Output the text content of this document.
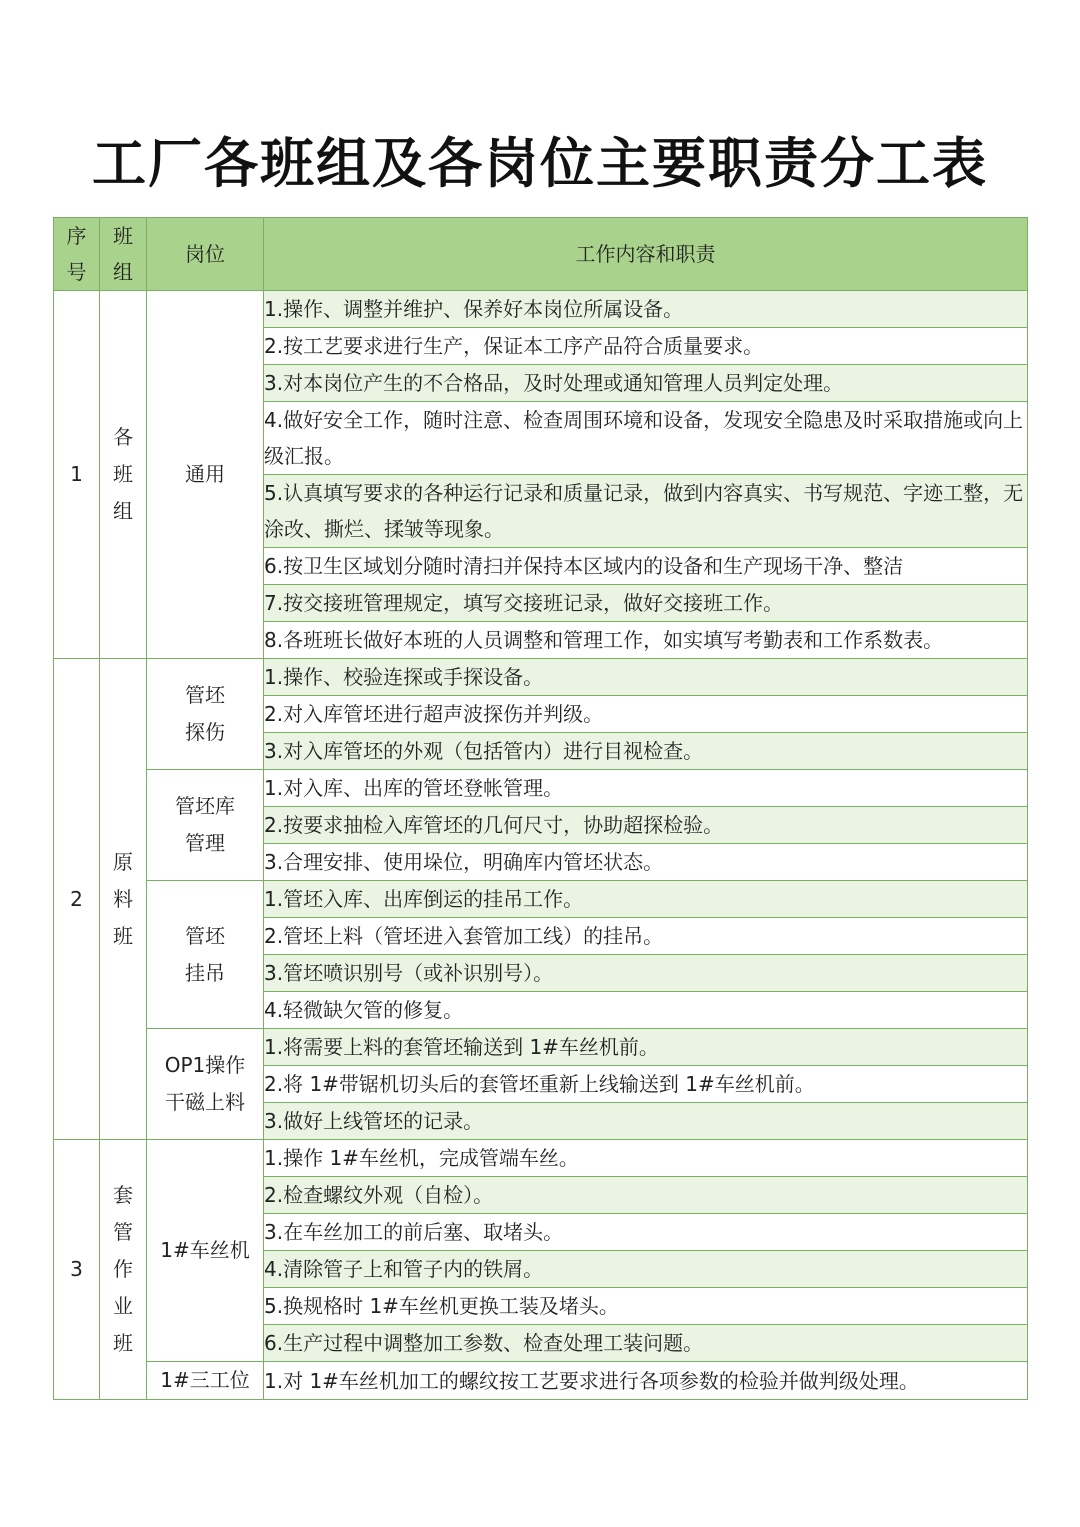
工厂各班组及各岗位主要职责分工表
序号	班组	岗位	工作内容和职责
1	各班组	通用	1.操作、调整并维护、保养好本岗位所属设备。
			2.按工艺要求进行生产，保证本工序产品符合质量要求。
			3.对本岗位产生的不合格品，及时处理或通知管理人员判定处理。
			4.做好安全工作，随时注意、检查周围环境和设备，发现安全隐患及时采取措施或向上级汇报。
			5.认真填写要求的各种运行记录和质量记录，做到内容真实、书写规范、字迹工整，无涂改、撕烂、揉皱等现象。
			6.按卫生区域划分随时清扫并保持本区域内的设备和生产现场干净、整洁
			7.按交接班管理规定，填写交接班记录，做好交接班工作。
			8.各班班长做好本班的人员调整和管理工作，如实填写考勤表和工作系数表。
2	原料班	管坯探伤	1.操作、校验连探或手探设备。
			2.对入库管坯进行超声波探伤并判级。
			3.对入库管坯的外观（包括管内）进行目视检查。
		管坯库管理	1.对入库、出库的管坯登帐管理。
			2.按要求抽检入库管坯的几何尺寸，协助超探检验。
			3.合理安排、使用垛位，明确库内管坯状态。
		管坯挂吊	1.管坯入库、出库倒运的挂吊工作。
			2.管坯上料（管坯进入套管加工线）的挂吊。
			3.管坯喷识别号（或补识别号）。
			4.轻微缺欠管的修复。
		OP1操作干磁上料	1.将需要上料的套管坯输送到 1#车丝机前。
			2.将 1#带锯机切头后的套管坯重新上线输送到 1#车丝机前。
			3.做好上线管坯的记录。
3	套管作业班	1#车丝机	1.操作 1#车丝机，完成管端车丝。
			2.检查螺纹外观（自检）。
			3.在车丝加工的前后塞、取堵头。
			4.清除管子上和管子内的铁屑。
			5.换规格时 1#车丝机更换工装及堵头。
			6.生产过程中调整加工参数、检查处理工装问题。
		1#三工位	1.对 1#车丝机加工的螺纹按工艺要求进行各项参数的检验并做判级处理。
